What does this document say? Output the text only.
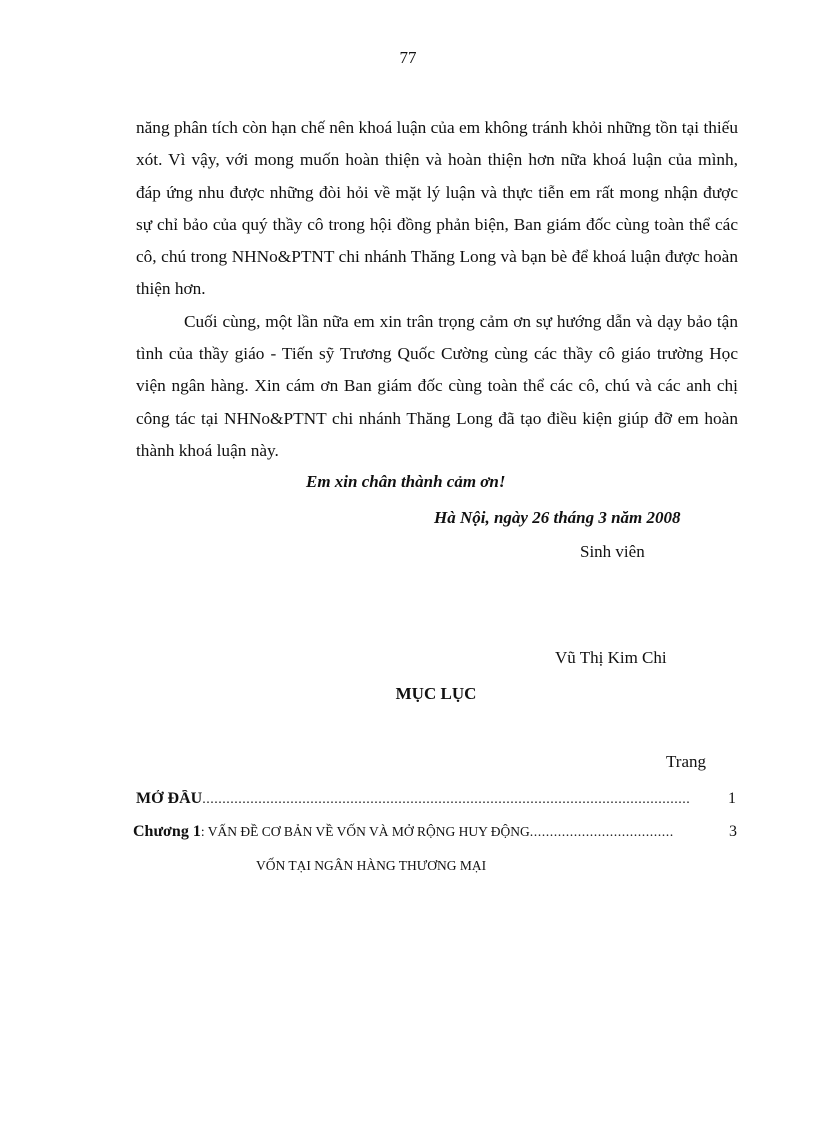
77

năng phân tích còn hạn chế nên khoá luận của em không tránh khỏi những tồn tại thiếu xót. Vì vậy, với mong muốn hoàn thiện và hoàn thiện hơn nữa khoá luận của mình, đáp ứng nhu được những đòi hỏi về mặt lý luận và thực tiễn em rất mong nhận được sự chỉ bảo của quý thầy cô trong hội đồng phản biện, Ban giám đốc cùng toàn thể các cô, chú trong NHNo&PTNT chi nhánh Thăng Long và bạn bè để khoá luận được hoàn thiện hơn.

Cuối cùng, một lần nữa em xin trân trọng cảm ơn sự hướng dẫn và dạy bảo tận tình của thầy giáo - Tiến sỹ Trương Quốc Cường cùng các thầy cô giáo trường Học viện ngân hàng. Xin cám ơn Ban giám đốc cùng toàn thể các cô, chú và các anh chị công tác tại NHNo&PTNT chi nhánh Thăng Long đã tạo điều kiện giúp đỡ em hoàn thành khoá luận này.

Em xin chân thành cảm ơn!
Hà Nội, ngày 26 tháng 3 năm 2008
Sinh viên
Vũ Thị Kim Chi
MỤC LỤC
Trang
MỞ ĐẦU ..........................................................................................................................	1
Chương 1 : VẤN ĐỀ CƠ BẢN VỀ VỐN VÀ MỞ RỘNG HUY ĐỘNG ....................................	3
VỐN TẠI NGÂN HÀNG THƯƠNG MẠI
